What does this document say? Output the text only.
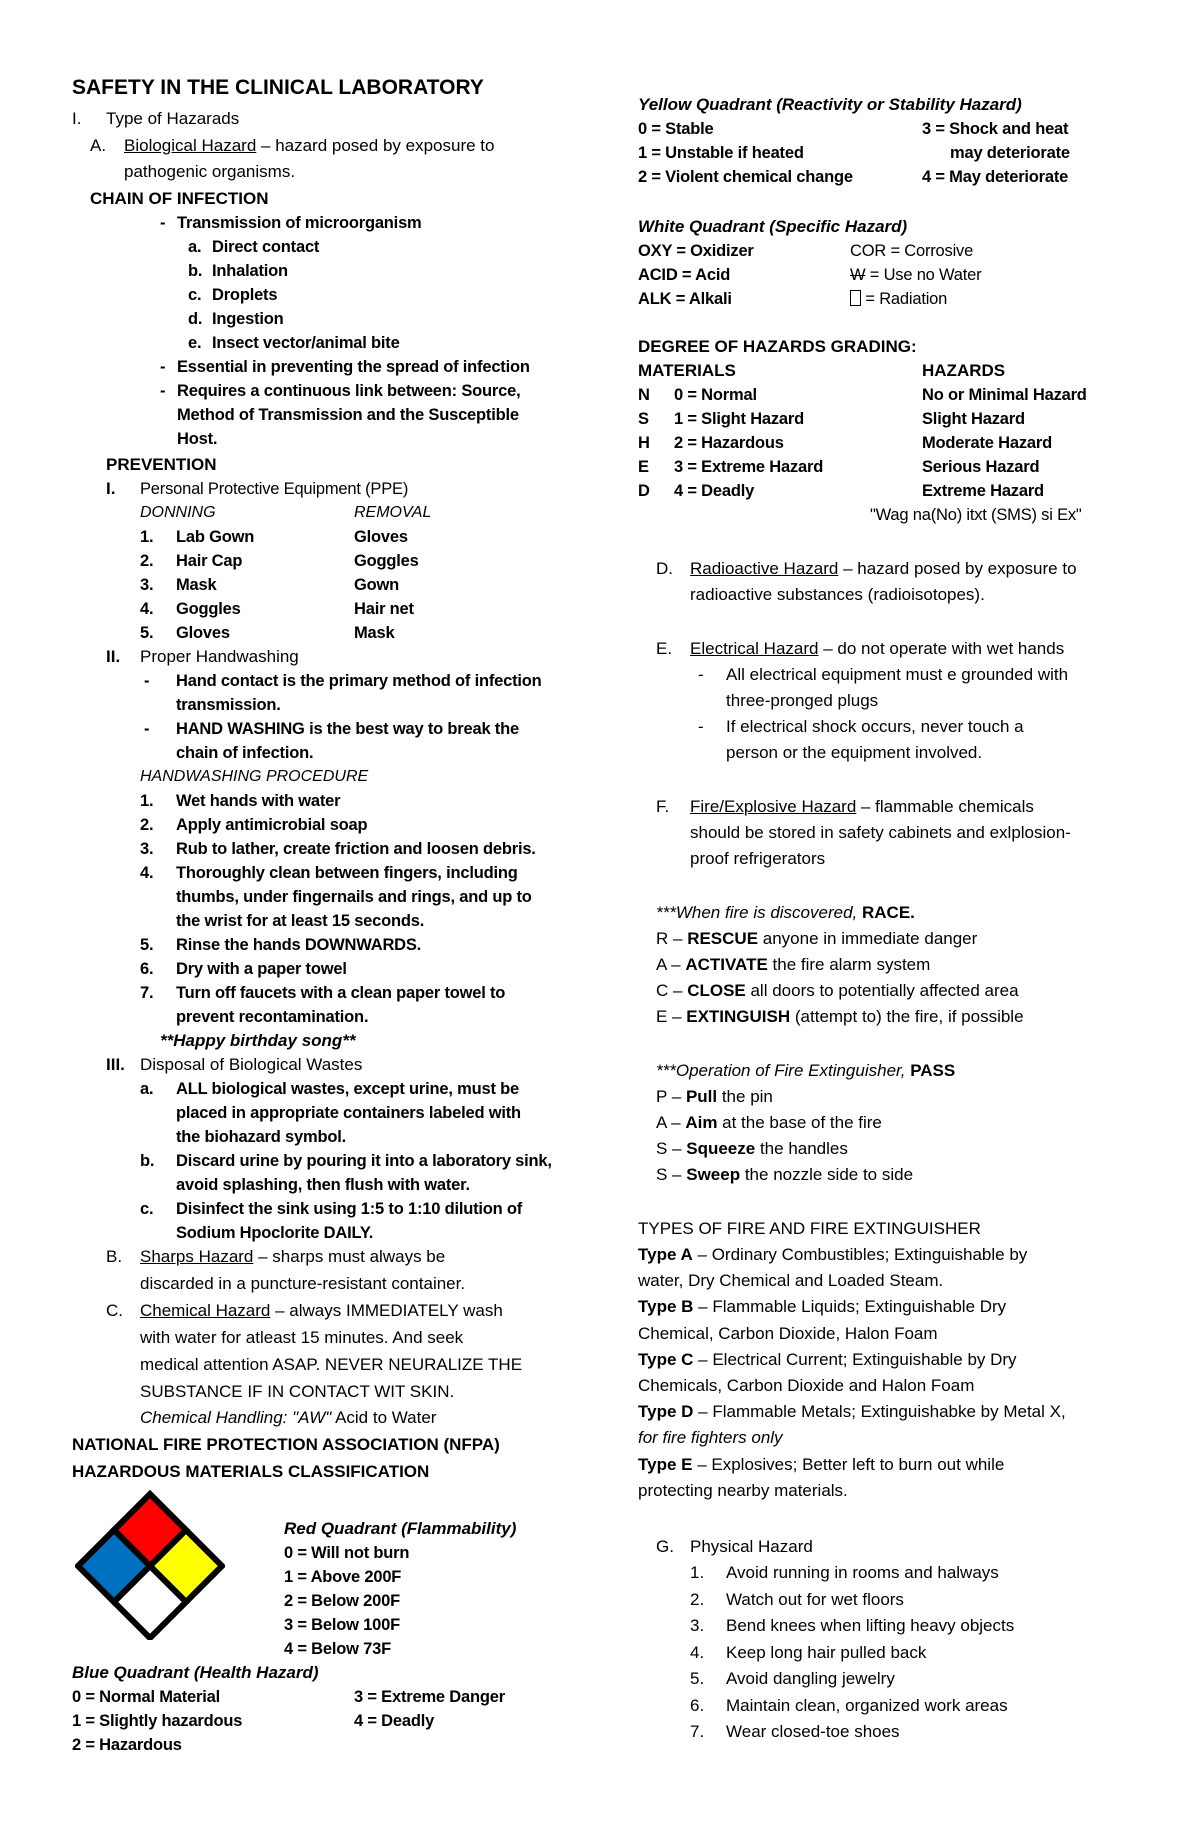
SAFETY IN THE CLINICAL LABORATORY
I. Type of Hazarads
A. Biological Hazard – hazard posed by exposure to
pathogenic organisms.
CHAIN OF INFECTION
- Transmission of microorganism
a. Direct contact
b. Inhalation
c. Droplets
d. Ingestion
e. Insect vector/animal bite
- Essential in preventing the spread of infection
- Requires a continuous link between: Source,
Method of Transmission and the Susceptible
Host.
PREVENTION
I. Personal Protective Equipment (PPE)
DONNING	REMOVAL
1. Lab Gown	Gloves
2. Hair Cap	Goggles
3. Mask	Gown
4. Goggles	Hair net
5. Gloves	Mask
II. Proper Handwashing
- Hand contact is the primary method of infection
transmission.
- HAND WASHING is the best way to break the
chain of infection.
HANDWASHING PROCEDURE
1. Wet hands with water
2. Apply antimicrobial soap
3. Rub to lather, create friction and loosen debris.
4. Thoroughly clean between fingers, including
thumbs, under fingernails and rings, and up to
the wrist for at least 15 seconds.
5. Rinse the hands DOWNWARDS.
6. Dry with a paper towel
7. Turn off faucets with a clean paper towel to
prevent recontamination.
**Happy birthday song**
III. Disposal of Biological Wastes
a. ALL biological wastes, except urine, must be
placed in appropriate containers labeled with
the biohazard symbol.
b. Discard urine by pouring it into a laboratory sink,
avoid splashing, then flush with water.
c. Disinfect the sink using 1:5 to 1:10 dilution of
Sodium Hpoclorite DAILY.
B. Sharps Hazard – sharps must always be
discarded in a puncture-resistant container.
C. Chemical Hazard – always IMMEDIATELY wash
with water for atleast 15 minutes. And seek
medical attention ASAP. NEVER NEURALIZE THE
SUBSTANCE IF IN CONTACT WIT SKIN.
Chemical Handling: "AW" Acid to Water
NATIONAL FIRE PROTECTION ASSOCIATION (NFPA)
HAZARDOUS MATERIALS CLASSIFICATION
Red Quadrant (Flammability)
0 = Will not burn
1 = Above 200F
2 = Below 200F
3 = Below 100F
4 = Below 73F
Blue Quadrant (Health Hazard)
0 = Normal Material
1 = Slightly hazardous
2 = Hazardous
3 = Extreme Danger
4 = Deadly
Yellow Quadrant (Reactivity or Stability Hazard)
0 = Stable
1 = Unstable if heated
2 = Violent chemical change
3 = Shock and heat
may deteriorate
4 = May deteriorate
White Quadrant (Specific Hazard)
OXY = Oxidizer
ACID = Acid
ALK = Alkali
COR = Corrosive
W = Use no Water
= Radiation
DEGREE OF HAZARDS GRADING:
MATERIALS	HAZARDS
N 0 = Normal	No or Minimal Hazard
S 1 = Slight Hazard	Slight Hazard
H 2 = Hazardous	Moderate Hazard
E 3 = Extreme Hazard	Serious Hazard
D 4 = Deadly	Extreme Hazard
"Wag na(No) itxt (SMS) si Ex"
D. Radioactive Hazard – hazard posed by exposure to
radioactive substances (radioisotopes).
E. Electrical Hazard – do not operate with wet hands
- All electrical equipment must e grounded with
three-pronged plugs
- If electrical shock occurs, never touch a
person or the equipment involved.
F. Fire/Explosive Hazard – flammable chemicals
should be stored in safety cabinets and exlplosion-
proof refrigerators
***When fire is discovered, RACE.
R – RESCUE anyone in immediate danger
A – ACTIVATE the fire alarm system
C – CLOSE all doors to potentially affected area
E – EXTINGUISH (attempt to) the fire, if possible
***Operation of Fire Extinguisher, PASS
P – Pull the pin
A – Aim at the base of the fire
S – Squeeze the handles
S – Sweep the nozzle side to side
TYPES OF FIRE AND FIRE EXTINGUISHER
Type A – Ordinary Combustibles; Extinguishable by
water, Dry Chemical and Loaded Steam.
Type B – Flammable Liquids; Extinguishable Dry
Chemical, Carbon Dioxide, Halon Foam
Type C – Electrical Current; Extinguishable by Dry
Chemicals, Carbon Dioxide and Halon Foam
Type D – Flammable Metals; Extinguishabke by Metal X,
for fire fighters only
Type E – Explosives; Better left to burn out while
protecting nearby materials.
G. Physical Hazard
1. Avoid running in rooms and halways
2. Watch out for wet floors
3. Bend knees when lifting heavy objects
4. Keep long hair pulled back
5. Avoid dangling jewelry
6. Maintain clean, organized work areas
7. Wear closed-toe shoes
